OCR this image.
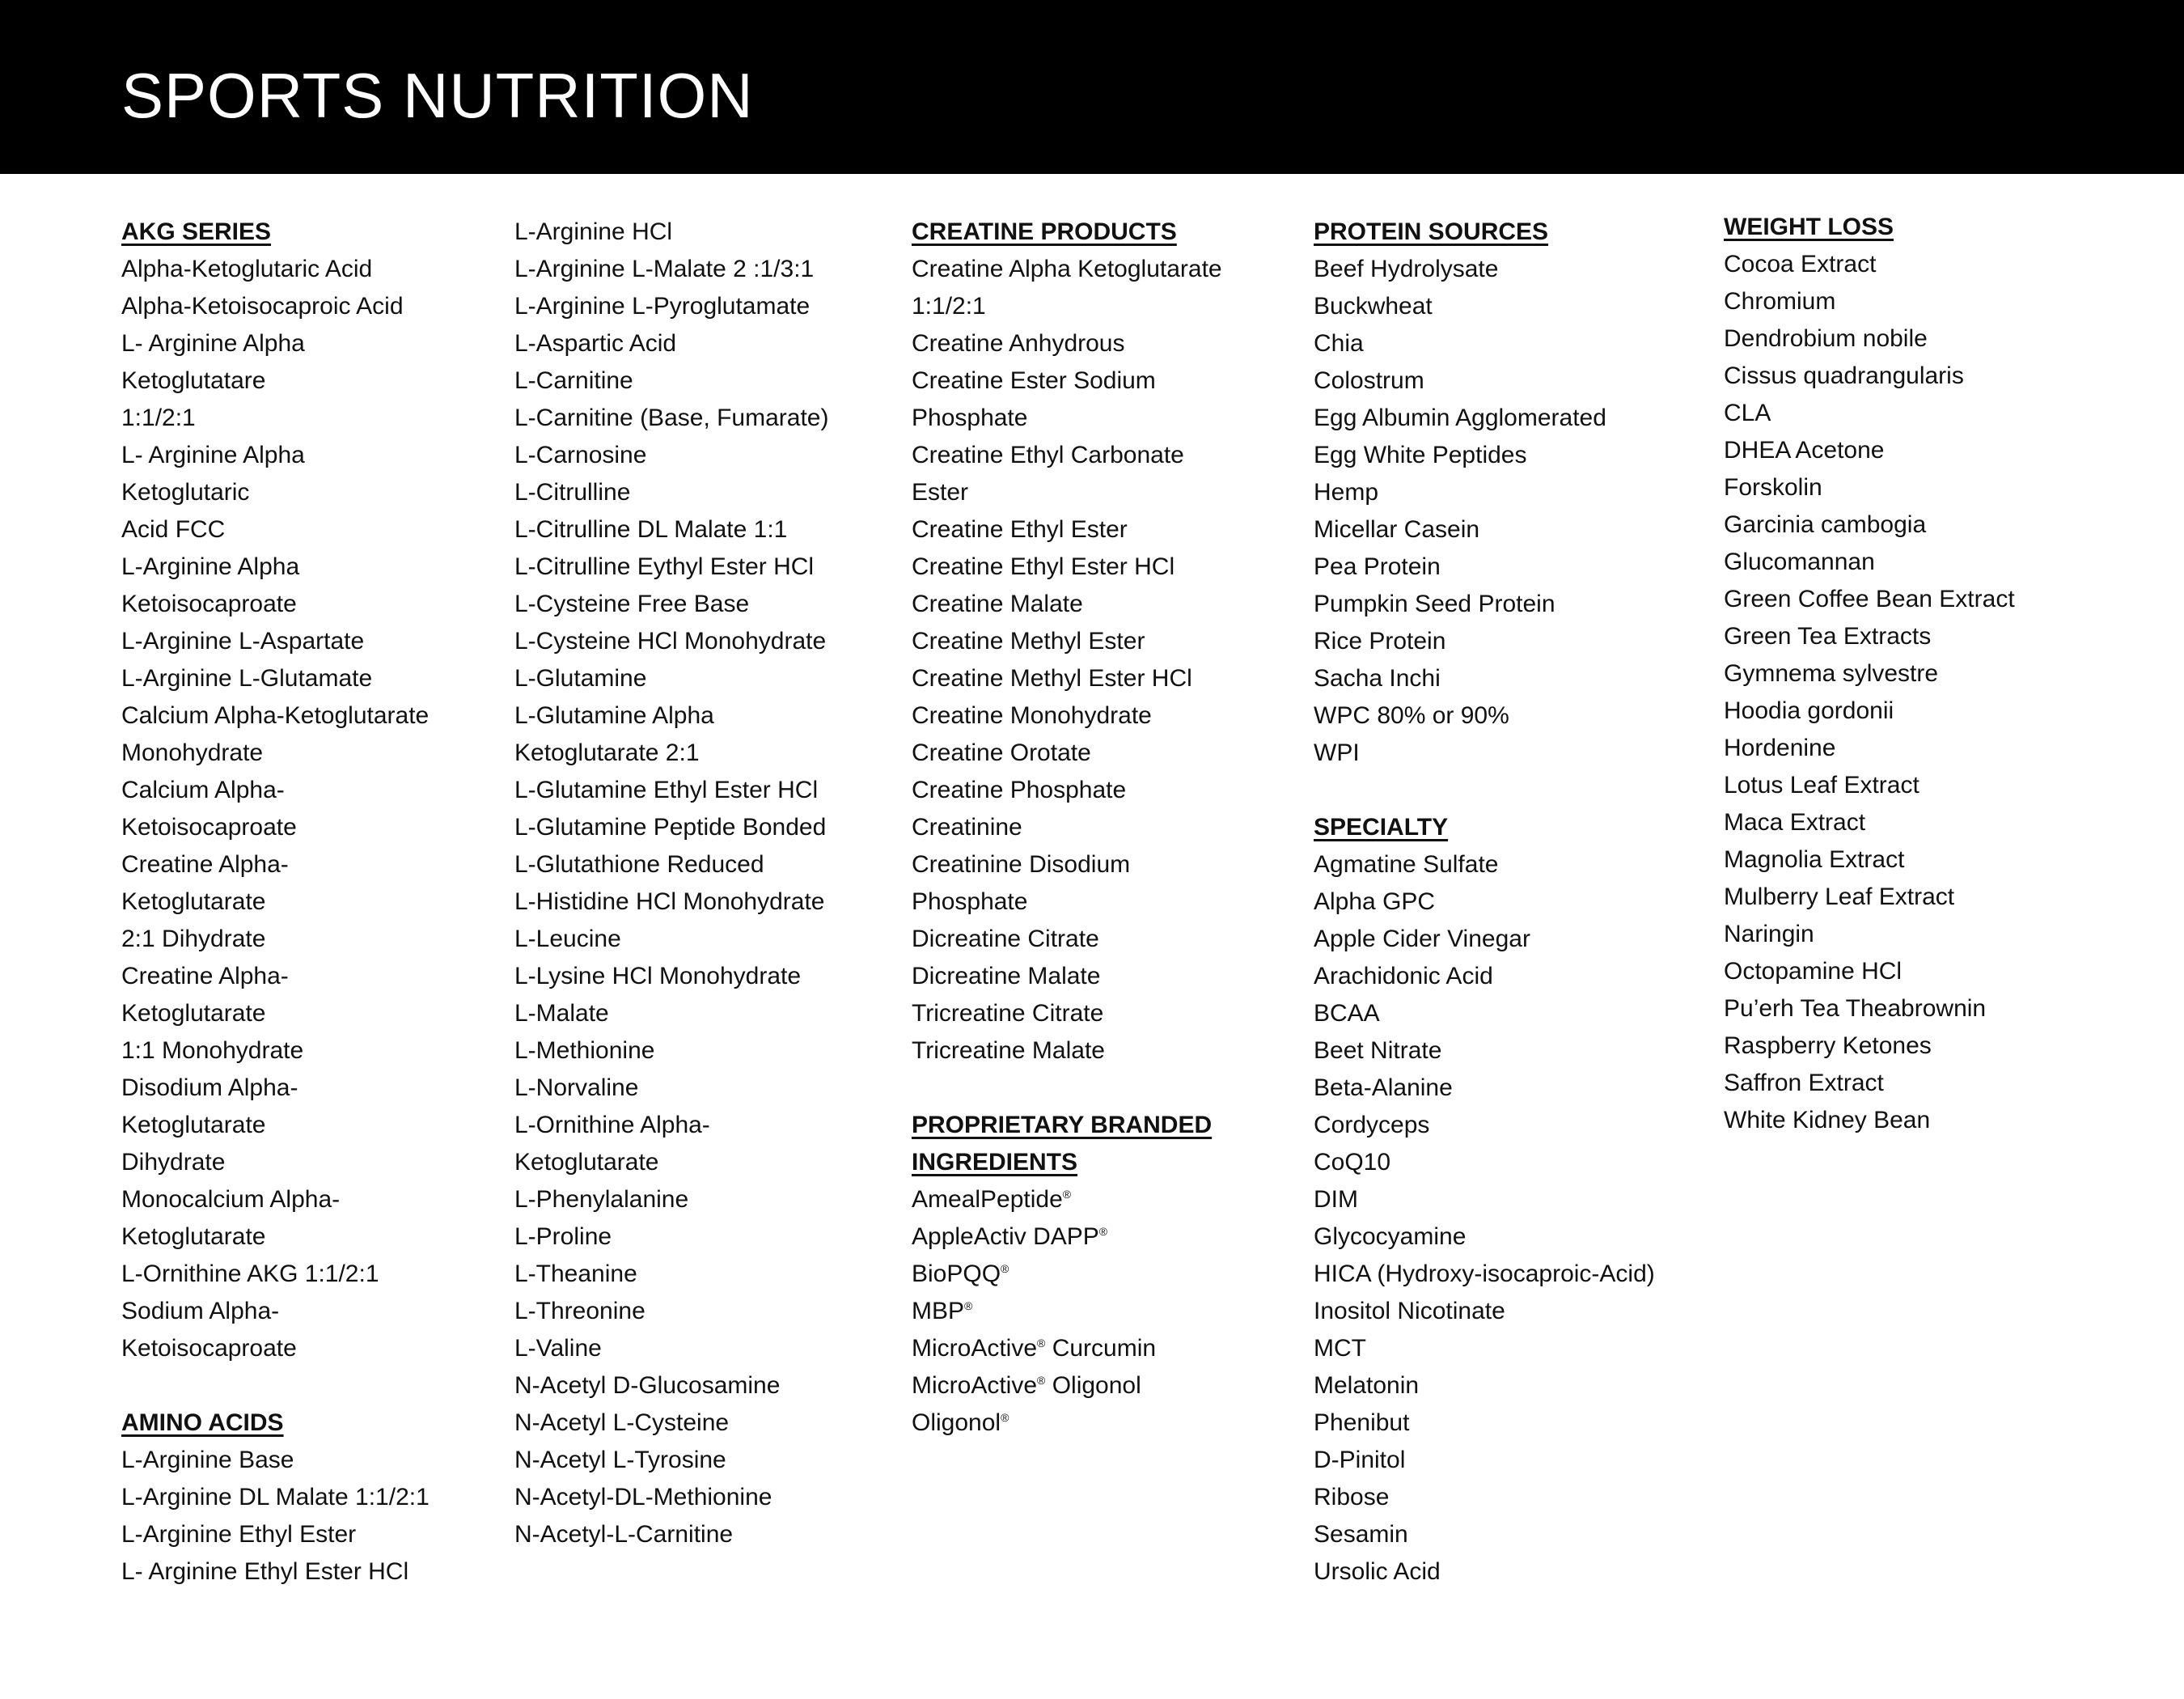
SPORTS NUTRITION
AKG SERIES
Alpha-Ketoglutaric Acid
Alpha-Ketoisocaproic Acid
L- Arginine Alpha
Ketoglutatare
1:1/2:1
L- Arginine Alpha
Ketoglutaric
Acid FCC
L-Arginine Alpha
Ketoisocaproate
L-Arginine L-Aspartate
L-Arginine L-Glutamate
Calcium Alpha-Ketoglutarate
Monohydrate
Calcium Alpha-
Ketoisocaproate
Creatine Alpha-
Ketoglutarate
2:1 Dihydrate
Creatine Alpha-
Ketoglutarate
1:1 Monohydrate
Disodium Alpha-
Ketoglutarate
Dihydrate
Monocalcium Alpha-
Ketoglutarate
L-Ornithine AKG 1:1/2:1
Sodium Alpha-
Ketoisocaproate
AMINO ACIDS
L-Arginine Base
L-Arginine DL Malate 1:1/2:1
L-Arginine Ethyl Ester
L- Arginine Ethyl Ester HCl
L-Arginine HCl
L-Arginine L-Malate 2 :1/3:1
L-Arginine L-Pyroglutamate
L-Aspartic Acid
L-Carnitine
L-Carnitine (Base, Fumarate)
L-Carnosine
L-Citrulline
L-Citrulline DL Malate 1:1
L-Citrulline Eythyl Ester HCl
L-Cysteine Free Base
L-Cysteine HCl Monohydrate
L-Glutamine
L-Glutamine Alpha
Ketoglutarate 2:1
L-Glutamine Ethyl Ester HCl
L-Glutamine Peptide Bonded
L-Glutathione Reduced
L-Histidine HCl Monohydrate
L-Leucine
L-Lysine HCl Monohydrate
L-Malate
L-Methionine
L-Norvaline
L-Ornithine Alpha-
Ketoglutarate
L-Phenylalanine
L-Proline
L-Theanine
L-Threonine
L-Valine
N-Acetyl D-Glucosamine
N-Acetyl L-Cysteine
N-Acetyl L-Tyrosine
N-Acetyl-DL-Methionine
N-Acetyl-L-Carnitine
CREATINE PRODUCTS
Creatine Alpha Ketoglutarate
1:1/2:1
Creatine Anhydrous
Creatine Ester Sodium
Phosphate
Creatine Ethyl Carbonate
Ester
Creatine Ethyl Ester
Creatine Ethyl Ester HCl
Creatine Malate
Creatine Methyl Ester
Creatine Methyl Ester HCl
Creatine Monohydrate
Creatine Orotate
Creatine Phosphate
Creatinine
Creatinine Disodium
Phosphate
Dicreatine Citrate
Dicreatine Malate
Tricreatine Citrate
Tricreatine Malate
PROPRIETARY BRANDED
INGREDIENTS
AmealPeptide®
AppleActiv DAPP®
BioPQQ®
MBP®
MicroActive® Curcumin
MicroActive® Oligonol
Oligonol®
PROTEIN SOURCES
Beef Hydrolysate
Buckwheat
Chia
Colostrum
Egg Albumin Agglomerated
Egg White Peptides
Hemp
Micellar Casein
Pea Protein
Pumpkin Seed Protein
Rice Protein
Sacha Inchi
WPC 80% or 90%
WPI
SPECIALTY
Agmatine Sulfate
Alpha GPC
Apple Cider Vinegar
Arachidonic Acid
BCAA
Beet Nitrate
Beta-Alanine
Cordyceps
CoQ10
DIM
Glycocyamine
HICA (Hydroxy-isocaproic-Acid)
Inositol Nicotinate
MCT
Melatonin
Phenibut
D-Pinitol
Ribose
Sesamin
Ursolic Acid
WEIGHT LOSS
Cocoa Extract
Chromium
Dendrobium nobile
Cissus quadrangularis
CLA
DHEA Acetone
Forskolin
Garcinia cambogia
Glucomannan
Green Coffee Bean Extract
Green Tea Extracts
Gymnema sylvestre
Hoodia gordonii
Hordenine
Lotus Leaf Extract
Maca Extract
Magnolia Extract
Mulberry Leaf Extract
Naringin
Octopamine HCl
Pu’erh Tea Theabrownin
Raspberry Ketones
Saffron Extract
White Kidney Bean
